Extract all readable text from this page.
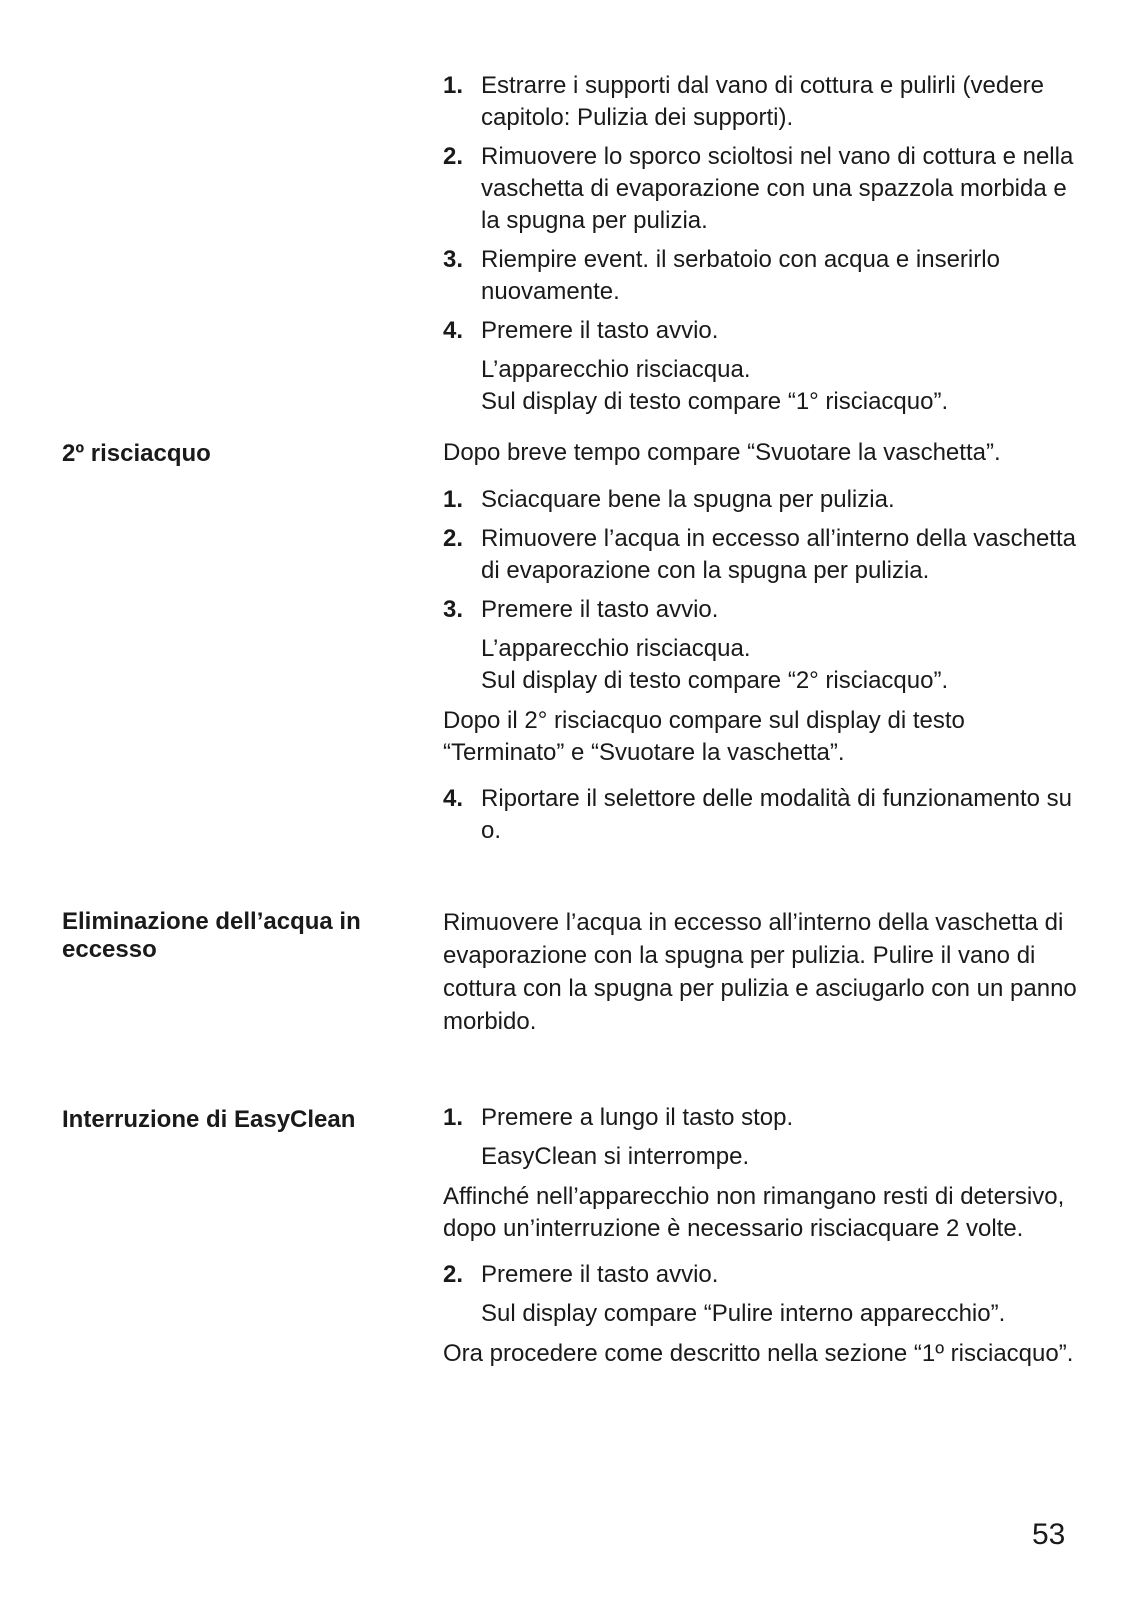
1. Estrarre i supporti dal vano di cottura e pulirli (vedere capitolo: Pulizia dei supporti).
2. Rimuovere lo sporco scioltosi nel vano di cottura e nella vaschetta di evaporazione con una spazzola morbida e la spugna per pulizia.
3. Riempire event. il serbatoio con acqua e inserirlo nuovamente.
4. Premere il tasto avvio.
L’apparecchio risciacqua.
Sul display di testo compare “1° risciacquo”.
2º risciacquo	Dopo breve tempo compare “Svuotare la vaschetta”.

1. Sciacquare bene la spugna per pulizia.
2. Rimuovere l’acqua in eccesso all’interno della vaschetta di evaporazione con la spugna per pulizia.
3. Premere il tasto avvio.
L’apparecchio risciacqua.
Sul display di testo compare “2° risciacquo”.

Dopo il 2° risciacquo compare sul display di testo “Terminato” e “Svuotare la vaschetta”.

4. Riportare il selettore delle modalità di funzionamento su o.
Eliminazione dell’acqua in eccesso

Rimuovere l’acqua in eccesso all’interno della vaschetta di evaporazione con la spugna per pulizia. Pulire il vano di cottura con la spugna per pulizia e asciugarlo con un panno morbido.

Interruzione di EasyClean	1. Premere a lungo il tasto stop.
EasyClean si interrompe.

Affinché nell’apparecchio non rimangano resti di detersivo, dopo un’interruzione è necessario risciacquare 2 volte.

2. Premere il tasto avvio.
Sul display compare “Pulire interno apparecchio”.

Ora procedere come descritto nella sezione “1º risciacquo”.

53
